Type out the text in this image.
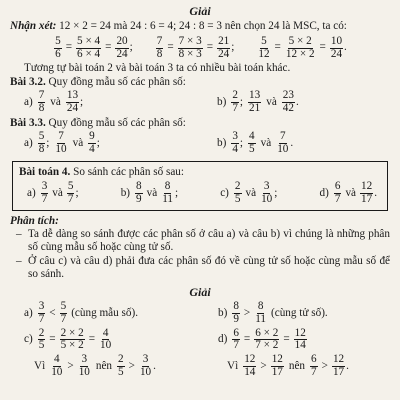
Giải
Nhận xét: 12 × 2 = 24 mà 24 : 6 = 4; 24 : 8 = 3 nên chọn 24 là MSC, ta có:
$\frac{5}{6} = \frac{5 \times 4}{6 \times 4} = \frac{20}{24}$ ; $\frac{7}{8} = \frac{7 \times 3}{8 \times 3} = \frac{21}{24}$ ; $\frac{5}{12} = \frac{5 \times 2}{12 \times 2} = \frac{10}{24}$ .
Tương tự bài toán 2 và bài toán 3 ta có nhiều bài toán khác.
Bài 3.2. Quy đồng mẫu số các phân số:
$a) \frac{7}{8}$ và $\frac{13}{24}$ ;	$b) \frac{2}{7}$ ; $\frac{13}{21}$ và $\frac{23}{42}$ .
Bài 3.3. Quy đồng mẫu số các phân số:
$a) \frac{5}{8}$ ; $\frac{7}{10}$ và $\frac{9}{4}$ ;	$b) \frac{3}{4}$ ; $\frac{4}{5}$ và $\frac{7}{10}$ .
Bài toán 4. So sánh các phân số sau:
$a) \frac{3}{7}$ và $\frac{5}{7}$ ;	$b) \frac{8}{9}$ và $\frac{8}{11}$ ;	$c) \frac{2}{5}$ và $\frac{3}{10}$ ;	$d) \frac{6}{7}$ và $\frac{12}{17}$ .
Phân tích:
– Ta dễ dàng so sánh được các phân số ở câu a) và câu b) vì chúng là những phân số cùng mẫu số hoặc cùng tử số.
– Ở câu c) và câu d) phải đưa các phân số đó về cùng tử số hoặc cùng mẫu số để so sánh.
Giải
$a) \frac{3}{7} < \frac{5}{7}$ (cùng mẫu số).	$b) \frac{8}{9} > \frac{8}{11}$ (cùng tử số).
$c) \frac{2}{5} = \frac{2 \times 2}{5 \times 2} = \frac{4}{10}$	$d) \frac{6}{7} = \frac{6 \times 2}{7 \times 2} = \frac{12}{14}$
Vì $\frac{4}{10} > \frac{3}{10}$ nên $\frac{2}{5} > \frac{3}{10}$ .	Vì $\frac{12}{14} > \frac{12}{17}$ nên $\frac{6}{7} > \frac{12}{17}$ .
